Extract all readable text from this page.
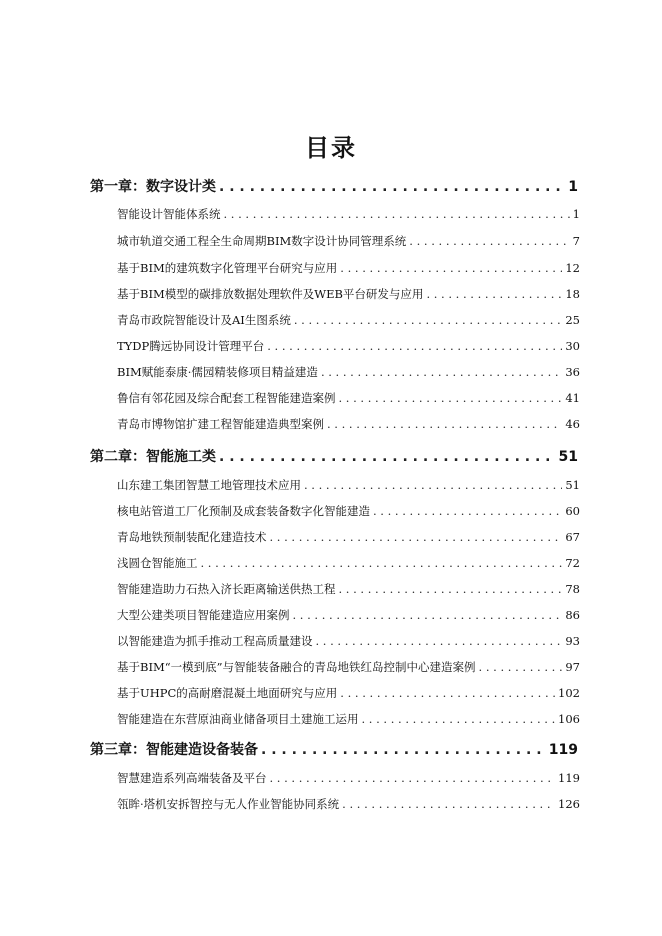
目录
第一章：数字设计类 . . .	1
智能设计智能体系统 . . .	1
城市轨道交通工程全生命周期BIM数字设计协同管理系统 . . .	7
基于BIM的建筑数字化管理平台研究与应用 . . .	12
基于BIM模型的碳排放数据处理软件及WEB平台研发与应用 . . .	18
青岛市政院智能设计及AI生图系统 . . .	25
TYDP腾远协同设计管理平台 . . .	30
BIM赋能泰康·儒园精装修项目精益建造 . . .	36
鲁信有邻花园及综合配套工程智能建造案例 . . .	41
青岛市博物馆扩建工程智能建造典型案例 . . .	46
第二章：智能施工类 . . .	51
山东建工集团智慧工地管理技术应用 . . .	51
核电站管道工厂化预制及成套装备数字化智能建造 . . .	60
青岛地铁预制装配化建造技术 . . .	67
浅圆仓智能施工 . . .	72
智能建造助力石热入济长距离输送供热工程 . . .	78
大型公建类项目智能建造应用案例 . . .	86
以智能建造为抓手推动工程高质量建设 . . .	93
基于BIM“一模到底”与智能装备融合的青岛地铁红岛控制中心建造案例 . . .	97
基于UHPC的高耐磨混凝土地面研究与应用 . . .	102
智能建造在东营原油商业储备项目土建施工运用 . . .	106
第三章：智能建造设备装备 . . .	119
智慧建造系列高端装备及平台 . . .	119
瓴眸·塔机安拆智控与无人作业智能协同系统 . . .	126
